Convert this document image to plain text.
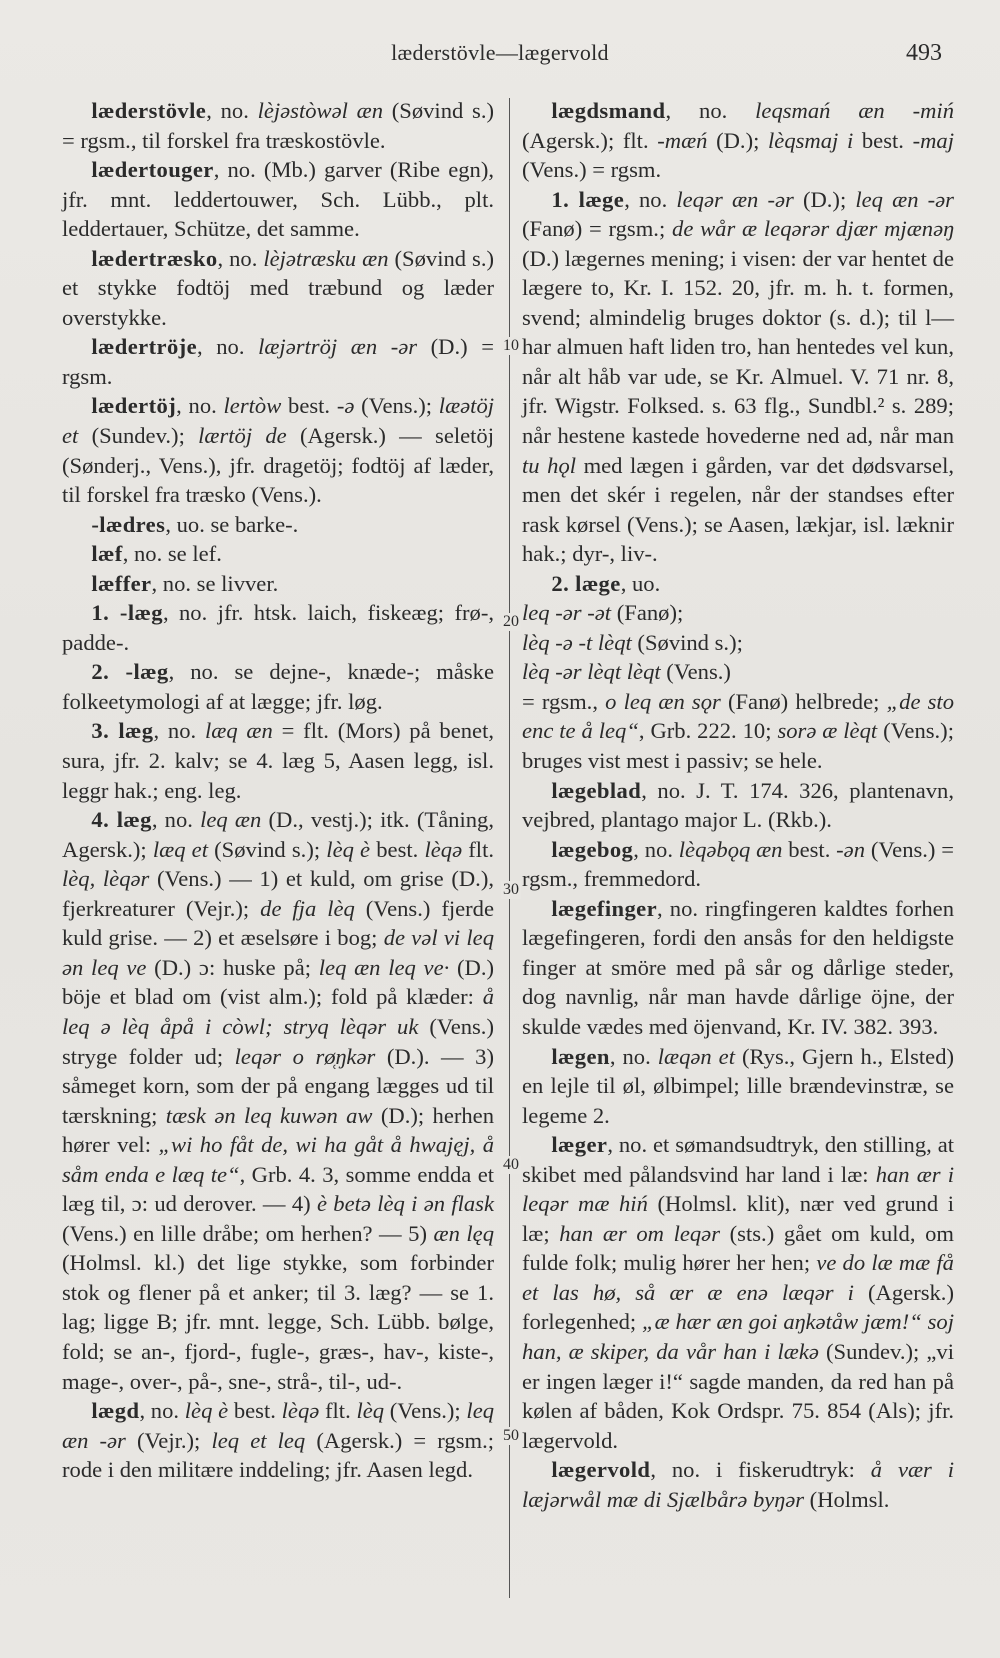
læderstövle—lægervold	493
10
20
30
40
50

læderstövle, no. lèjəstòwəl æn (Søvind s.) = rgsm., til forskel fra træskostövle.

lædertouger, no. (Mb.) garver (Ribe egn), jfr. mnt. leddertouwer, Sch. Lübb., plt. leddertauer, Schütze, det samme.

lædertræsko, no. lèjətræsku æn (Søvind s.) et stykke fodtöj med træbund og læder overstykke.

lædertröje, no. læjərtröj æn -ər (D.) = rgsm.

lædertöj, no. lertòw best. -ə (Vens.); læətöj et (Sundev.); lærtöj de (Agersk.) — seletöj (Sønderj., Vens.), jfr. dragetöj; fodtöj af læder, til forskel fra træsko (Vens.).

-lædres, uo. se barke-.

læf, no. se lef.

læffer, no. se livver.

1. -læg, no. jfr. htsk. laich, fiskeæg; frø-, padde-.

2. -læg, no. se dejne-, knæde-; måske folkeetymologi af at lægge; jfr. løg.

3. læg, no. læq æn = flt. (Mors) på benet, sura, jfr. 2. kalv; se 4. læg 5, Aasen legg, isl. leggr hak.; eng. leg.

4. læg, no. leq æn (D., vestj.); itk. (Tåning, Agersk.); læq et (Søvind s.); lèq è best. lèqə flt. lèq, lèqər (Vens.) — 1) et kuld, om grise (D.), fjerkreaturer (Vejr.); de fja lèq (Vens.) fjerde kuld grise. — 2) et æselsøre i bog; de vəl vi leq ən leq ve (D.) ɔ: huske på; leq æn leq ve· (D.) böje et blad om (vist alm.); fold på klæder: å leq ə lèq åpå i còwl; stryq lèqər uk (Vens.) stryge folder ud; leqər o rø̜ŋkər (D.). — 3) såmeget korn, som der på engang lægges ud til tærskning; tæsk ən leq kuwən aw (D.); herhen hører vel: „wi ho fåt de, wi ha gåt å hwajęj, å såm enda e læq te“, Grb. 4. 3, somme endda et læg til, ɔ: ud derover. — 4) è betə lèq i ən flask (Vens.) en lille dråbe; om herhen? — 5) æn lęq (Holmsl. kl.) det lige stykke, som forbinder stok og flener på et anker; til 3. læg? — se 1. lag; ligge B; jfr. mnt. legge, Sch. Lübb. bølge, fold; se an-, fjord-, fugle-, græs-, hav-, kiste-, mage-, over-, på-, sne-, strå-, til-, ud-.

lægd, no. lèq è best. lèqə flt. lèq (Vens.); leq æn -ər (Vejr.); leq et leq (Agersk.) = rgsm.; rode i den militære inddeling; jfr. Aasen legd.

lægdsmand, no. leqsmań æn -miń (Agersk.); flt. -mæń (D.); lèqsmaj i best. -maj (Vens.) = rgsm.

1. læge, no. leqər æn -ər (D.); leq æn -ər (Fanø) = rgsm.; de wår æ leqərər djær mjænəŋ (D.) lægernes mening; i visen: der var hentet de lægere to, Kr. I. 152. 20, jfr. m. h. t. formen, svend; almindelig bruges doktor (s. d.); til l— har almuen haft liden tro, han hentedes vel kun, når alt håb var ude, se Kr. Almuel. V. 71 nr. 8, jfr. Wigstr. Folksed. s. 63 flg., Sundbl.² s. 289; når hestene kastede hovederne ned ad, når man tu hǫl med lægen i gården, var det dødsvarsel, men det skér i regelen, når der standses efter rask kørsel (Vens.); se Aasen, lækjar, isl. læknir hak.; dyr-, liv-.

2. læge, uo.
leq -ər -ət (Fanø);
lèq -ə -t lèqt (Søvind s.);
lèq -ər lèqt lèqt (Vens.)
= rgsm., o leq æn sǫr (Fanø) helbrede; „de sto enc te å leq“, Grb. 222. 10; sorə æ lèqt (Vens.); bruges vist mest i passiv; se hele.

lægeblad, no. J. T. 174. 326, plantenavn, vejbred, plantago major L. (Rkb.).

lægebog, no. lèqəbǫq æn best. -ən (Vens.) = rgsm., fremmedord.

lægefinger, no. ringfingeren kaldtes forhen lægefingeren, fordi den ansås for den heldigste finger at smöre med på sår og dårlige steder, dog navnlig, når man havde dårlige öjne, der skulde vædes med öjenvand, Kr. IV. 382. 393.

lægen, no. læqən et (Rys., Gjern h., Elsted) en lejle til øl, ølbimpel; lille brændevinstræ, se legeme 2.

læger, no. et sømandsudtryk, den stilling, at skibet med pålandsvind har land i læ: han ær i leqər mæ hiń (Holmsl. klit), nær ved grund i læ; han ær om leqər (sts.) gået om kuld, om fulde folk; mulig hører her hen; ve do læ mæ få et las hø, så ær æ enə læqər i (Agersk.) forlegenhed; „æ hær æn goi aŋkətåw jæm!“ soj han, æ skiper, da vår han i lækə (Sundev.); „vi er ingen læger i!“ sagde manden, da red han på kølen af båden, Kok Ordspr. 75. 854 (Als); jfr. lægervold.

lægervold, no. i fiskerudtryk: å vær i læjərwål mæ di Sjælbårə byŋər (Holmsl.
